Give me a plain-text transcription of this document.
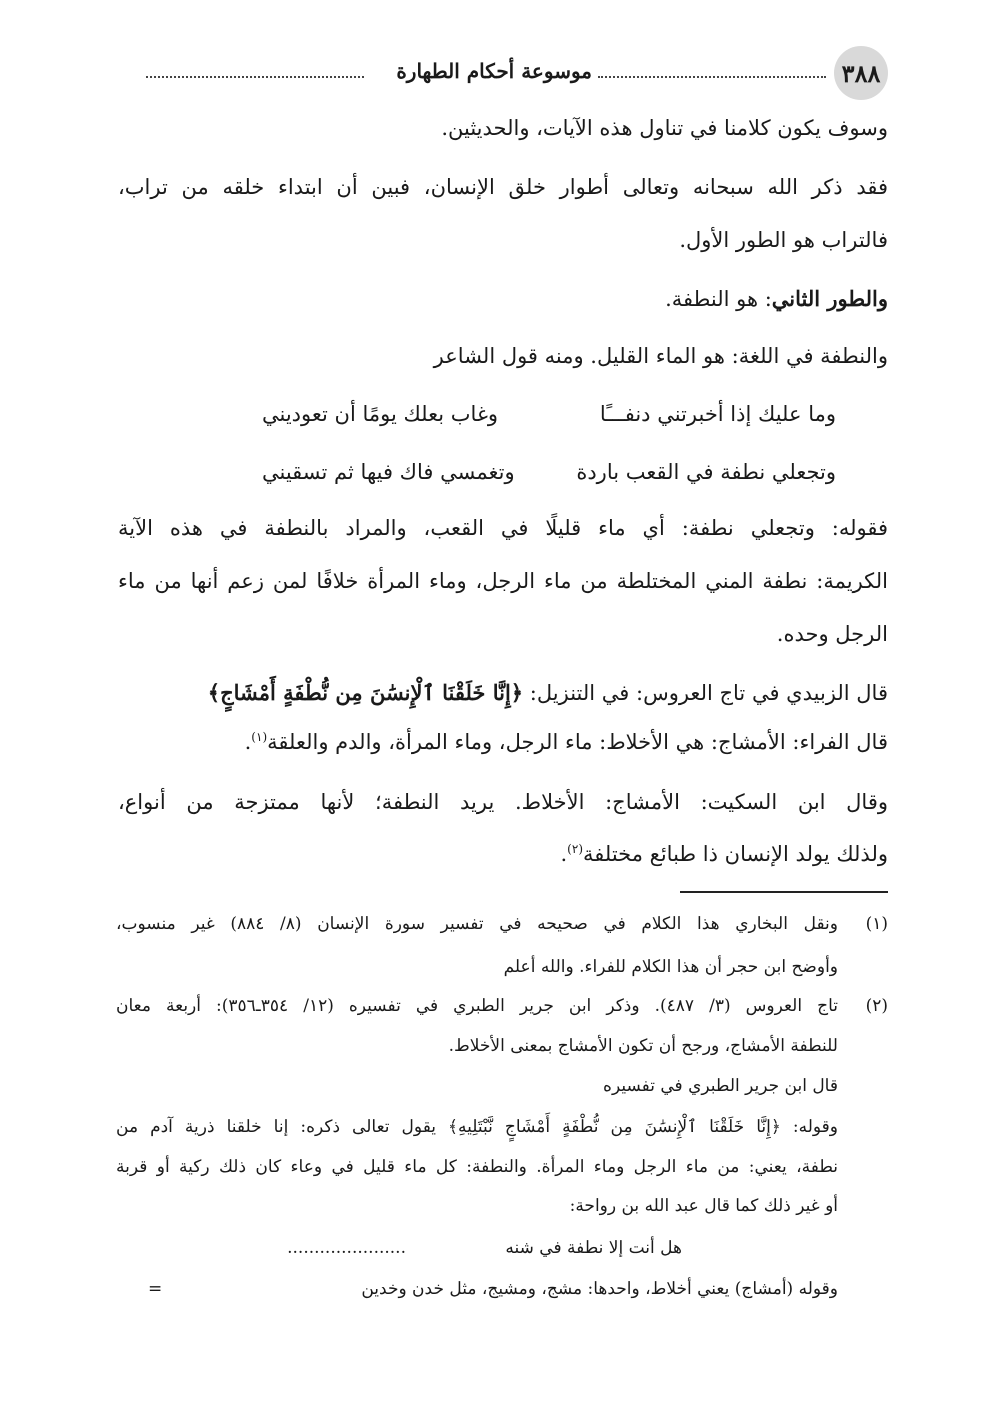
٣٨٨
موسوعة أحكام الطهارة
وسوف يكون كلامنا في تناول هذه الآيات، والحديثين.
فقد ذكر الله سبحانه وتعالى أطوار خلق الإنسان، فبين أن ابتداء خلقه من تراب،
فالتراب هو الطور الأول.
والطور الثاني: هو النطفة.
والنطفة في اللغة: هو الماء القليل. ومنه قول الشاعر
وما عليك إذا أخبرتني دنفـــًا
وغاب بعلك يومًا أن تعوديني
وتجعلي نطفة في القعب باردة
وتغمسي فاك فيها ثم تسقيني
فقوله: وتجعلي نطفة: أي ماء قليلًا في القعب، والمراد بالنطفة في هذه الآية
الكريمة: نطفة المني المختلطة من ماء الرجل، وماء المرأة خلافًا لمن زعم أنها من ماء
الرجل وحده.
قال الزبيدي في تاج العروس: في التنزيل: ﴿إِنَّا خَلَقْنَا ٱلْإِنسَٰنَ مِن نُّطْفَةٍ أَمْشَاجٍ﴾
قال الفراء: الأمشاج: هي الأخلاط: ماء الرجل، وماء المرأة، والدم والعلقة$^{(١)}$.
وقال ابن السكيت: الأمشاج: الأخلاط. يريد النطفة؛ لأنها ممتزجة من أنواع،
ولذلك يولد الإنسان ذا طبائع مختلفة$^{(٢)}$.
(١)
ونقل البخاري هذا الكلام في صحيحه في تفسير سورة الإنسان (٨/ ٨٨٤) غير منسوب،
وأوضح ابن حجر أن هذا الكلام للفراء. والله أعلم
(٢)
تاج العروس (٣/ ٤٨٧). وذكر ابن جرير الطبري في تفسيره (١٢/ ٣٥٤ـ٣٥٦): أربعة معان
للنطفة الأمشاج، ورجح أن تكون الأمشاج بمعنى الأخلاط.
قال ابن جرير الطبري في تفسيره
وقوله: ﴿إِنَّا خَلَقْنَا ٱلْإِنسَٰنَ مِن نُّطْفَةٍ أَمْشَاجٍ نَّبْتَلِيهِ﴾ يقول تعالى ذكره: إنا خلقنا ذرية آدم من
نطفة، يعني: من ماء الرجل وماء المرأة. والنطفة: كل ماء قليل في وعاء كان ذلك ركية أو قربة
أو غير ذلك كما قال عبد الله بن رواحة:
هل أنت إلا نطفة في شنه
......................
وقوله (أمشاج) يعني أخلاط، واحدها: مشج، ومشيج، مثل خدن وخدين
=
